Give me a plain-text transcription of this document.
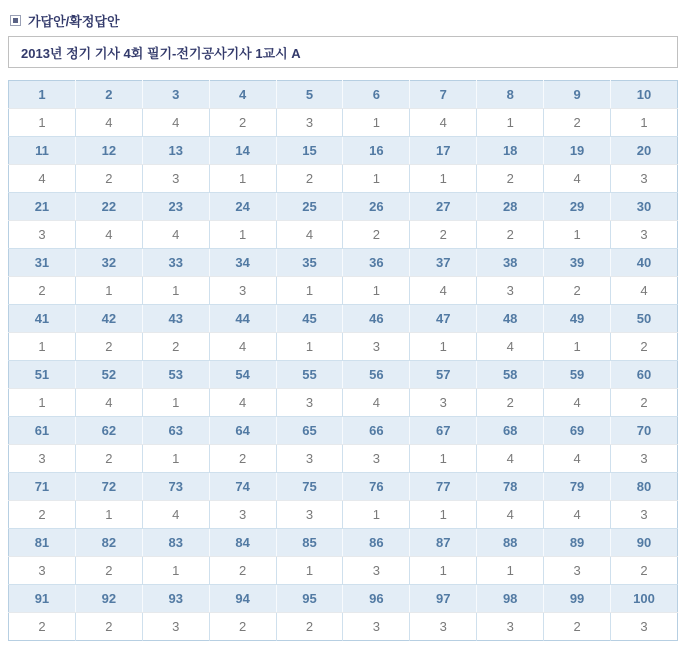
가답안/확정답안
2013년 정기 기사 4회 필기-전기공사기사 1교시 A
1	2	3	4	5	6	7	8	9	10
1	4	4	2	3	1	4	1	2	1
11	12	13	14	15	16	17	18	19	20
4	2	3	1	2	1	1	2	4	3
21	22	23	24	25	26	27	28	29	30
3	4	4	1	4	2	2	2	1	3
31	32	33	34	35	36	37	38	39	40
2	1	1	3	1	1	4	3	2	4
41	42	43	44	45	46	47	48	49	50
1	2	2	4	1	3	1	4	1	2
51	52	53	54	55	56	57	58	59	60
1	4	1	4	3	4	3	2	4	2
61	62	63	64	65	66	67	68	69	70
3	2	1	2	3	3	1	4	4	3
71	72	73	74	75	76	77	78	79	80
2	1	4	3	3	1	1	4	4	3
81	82	83	84	85	86	87	88	89	90
3	2	1	2	1	3	1	1	3	2
91	92	93	94	95	96	97	98	99	100
2	2	3	2	2	3	3	3	2	3
